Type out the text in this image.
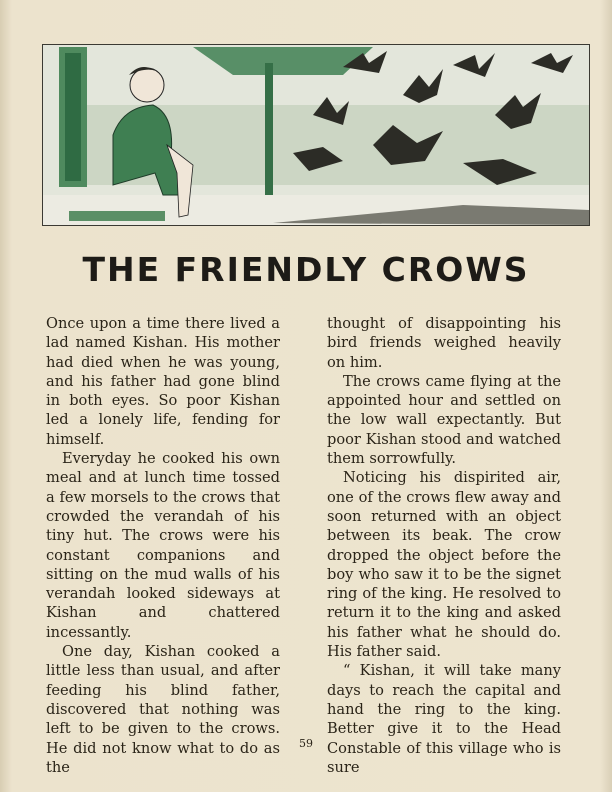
THE FRIENDLY CROWS

Once upon a time there lived a lad named Kishan. His mother had died when he was young, and his father had gone blind in both eyes. So poor Kishan led a lonely life, fending for himself.

Everyday he cooked his own meal and at lunch time tossed a few morsels to the crows that crowded the verandah of his tiny hut. The crows were his constant companions and sitting on the mud walls of his verandah looked sideways at Kishan and chattered incessantly.

One day, Kishan cooked a little less than usual, and after feeding his blind father, discovered that nothing was left to be given to the crows. He did not know what to do as the

thought of disappointing his bird friends weighed heavily on him.

The crows came flying at the appointed hour and settled on the low wall expectantly. But poor Kishan stood and watched them sorrowfully.

Noticing his dispirited air, one of the crows flew away and soon returned with an object between its beak. The crow dropped the object before the boy who saw it to be the signet ring of the king. He resolved to return it to the king and asked his father what he should do. His father said.

“ Kishan, it will take many days to reach the capital and hand the ring to the king. Better give it to the Head Constable of this village who is sure

59
